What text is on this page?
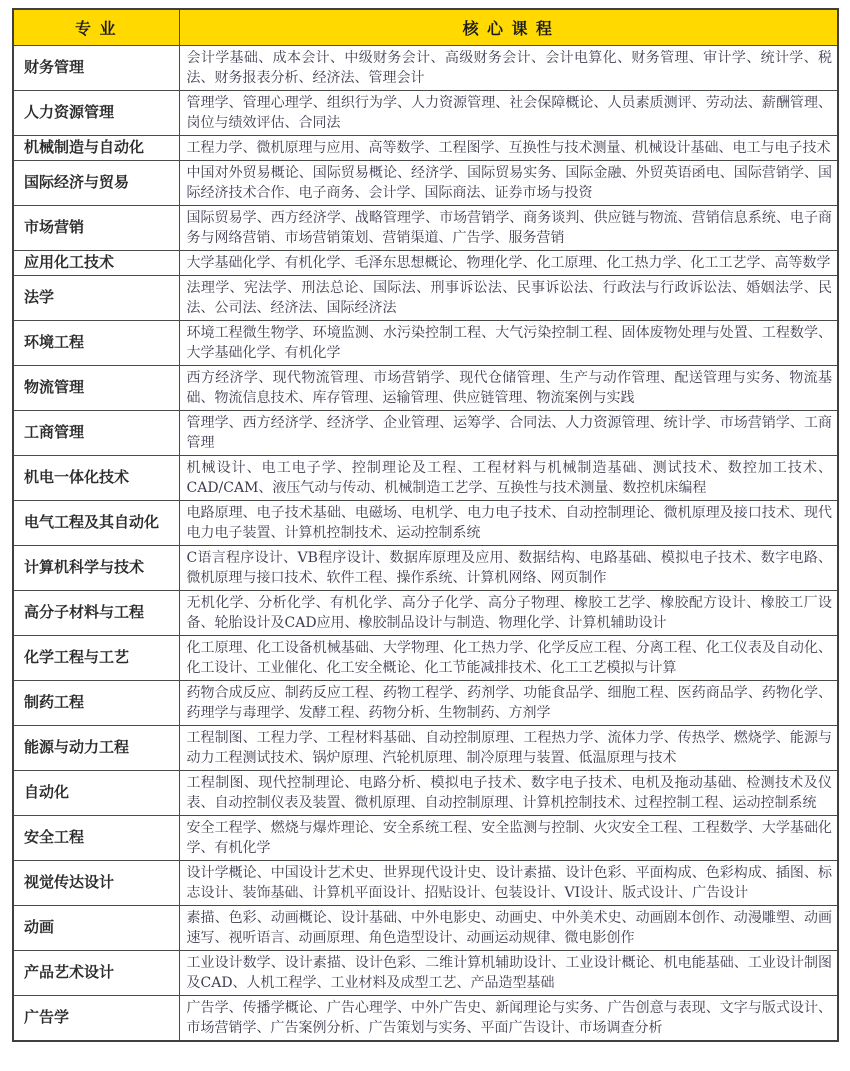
专 业	核 心 课 程
财务管理	会计学基础、成本会计、中级财务会计、高级财务会计、会计电算化、财务管理、审计学、统计学、税法、财务报表分析、经济法、管理会计
人力资源管理	管理学、管理心理学、组织行为学、人力资源管理、社会保障概论、人员素质测评、劳动法、薪酬管理、岗位与绩效评估、合同法
机械制造与自动化	工程力学、微机原理与应用、高等数学、工程图学、互换性与技术测量、机械设计基础、电工与电子技术
国际经济与贸易	中国对外贸易概论、国际贸易概论、经济学、国际贸易实务、国际金融、外贸英语函电、国际营销学、国际经济技术合作、电子商务、会计学、国际商法、证券市场与投资
市场营销	国际贸易学、西方经济学、战略管理学、市场营销学、商务谈判、供应链与物流、营销信息系统、电子商务与网络营销、市场营销策划、营销渠道、广告学、服务营销
应用化工技术	大学基础化学、有机化学、毛泽东思想概论、物理化学、化工原理、化工热力学、化工工艺学、高等数学
法学	法理学、宪法学、刑法总论、国际法、刑事诉讼法、民事诉讼法、行政法与行政诉讼法、婚姻法学、民法、公司法、经济法、国际经济法
环境工程	环境工程微生物学、环境监测、水污染控制工程、大气污染控制工程、固体废物处理与处置、工程数学、大学基础化学、有机化学
物流管理	西方经济学、现代物流管理、市场营销学、现代仓储管理、生产与动作管理、配送管理与实务、物流基础、物流信息技术、库存管理、运输管理、供应链管理、物流案例与实践
工商管理	管理学、西方经济学、经济学、企业管理、运筹学、合同法、人力资源管理、统计学、市场营销学、工商管理
机电一体化技术	机械设计、电工电子学、控制理论及工程、工程材料与机械制造基础、测试技术、数控加工技术、CAD/CAM、液压气动与传动、机械制造工艺学、互换性与技术测量、数控机床编程
电气工程及其自动化	电路原理、电子技术基础、电磁场、电机学、电力电子技术、自动控制理论、微机原理及接口技术、现代电力电子装置、计算机控制技术、运动控制系统
计算机科学与技术	C语言程序设计、VB程序设计、数据库原理及应用、数据结构、电路基础、模拟电子技术、数字电路、微机原理与接口技术、软件工程、操作系统、计算机网络、网页制作
高分子材料与工程	无机化学、分析化学、有机化学、高分子化学、高分子物理、橡胶工艺学、橡胶配方设计、橡胶工厂设备、轮胎设计及CAD应用、橡胶制品设计与制造、物理化学、计算机辅助设计
化学工程与工艺	化工原理、化工设备机械基础、大学物理、化工热力学、化学反应工程、分离工程、化工仪表及自动化、化工设计、工业催化、化工安全概论、化工节能减排技术、化工工艺模拟与计算
制药工程	药物合成反应、制药反应工程、药物工程学、药剂学、功能食品学、细胞工程、医药商品学、药物化学、药理学与毒理学、发酵工程、药物分析、生物制药、方剂学
能源与动力工程	工程制图、工程力学、工程材料基础、自动控制原理、工程热力学、流体力学、传热学、燃烧学、能源与动力工程测试技术、锅炉原理、汽轮机原理、制冷原理与装置、低温原理与技术
自动化	工程制图、现代控制理论、电路分析、模拟电子技术、数字电子技术、电机及拖动基础、检测技术及仪表、自动控制仪表及装置、微机原理、自动控制原理、计算机控制技术、过程控制工程、运动控制系统
安全工程	安全工程学、燃烧与爆炸理论、安全系统工程、安全监测与控制、火灾安全工程、工程数学、大学基础化学、有机化学
视觉传达设计	设计学概论、中国设计艺术史、世界现代设计史、设计素描、设计色彩、平面构成、色彩构成、插图、标志设计、装饰基础、计算机平面设计、招贴设计、包装设计、VI设计、版式设计、广告设计
动画	素描、色彩、动画概论、设计基础、中外电影史、动画史、中外美术史、动画剧本创作、动漫雕塑、动画速写、视听语言、动画原理、角色造型设计、动画运动规律、微电影创作
产品艺术设计	工业设计数学、设计素描、设计色彩、二维计算机辅助设计、工业设计概论、机电能基础、工业设计制图及CAD、人机工程学、工业材料及成型工艺、产品造型基础
广告学	广告学、传播学概论、广告心理学、中外广告史、新闻理论与实务、广告创意与表现、文字与版式设计、市场营销学、广告案例分析、广告策划与实务、平面广告设计、市场调查分析
